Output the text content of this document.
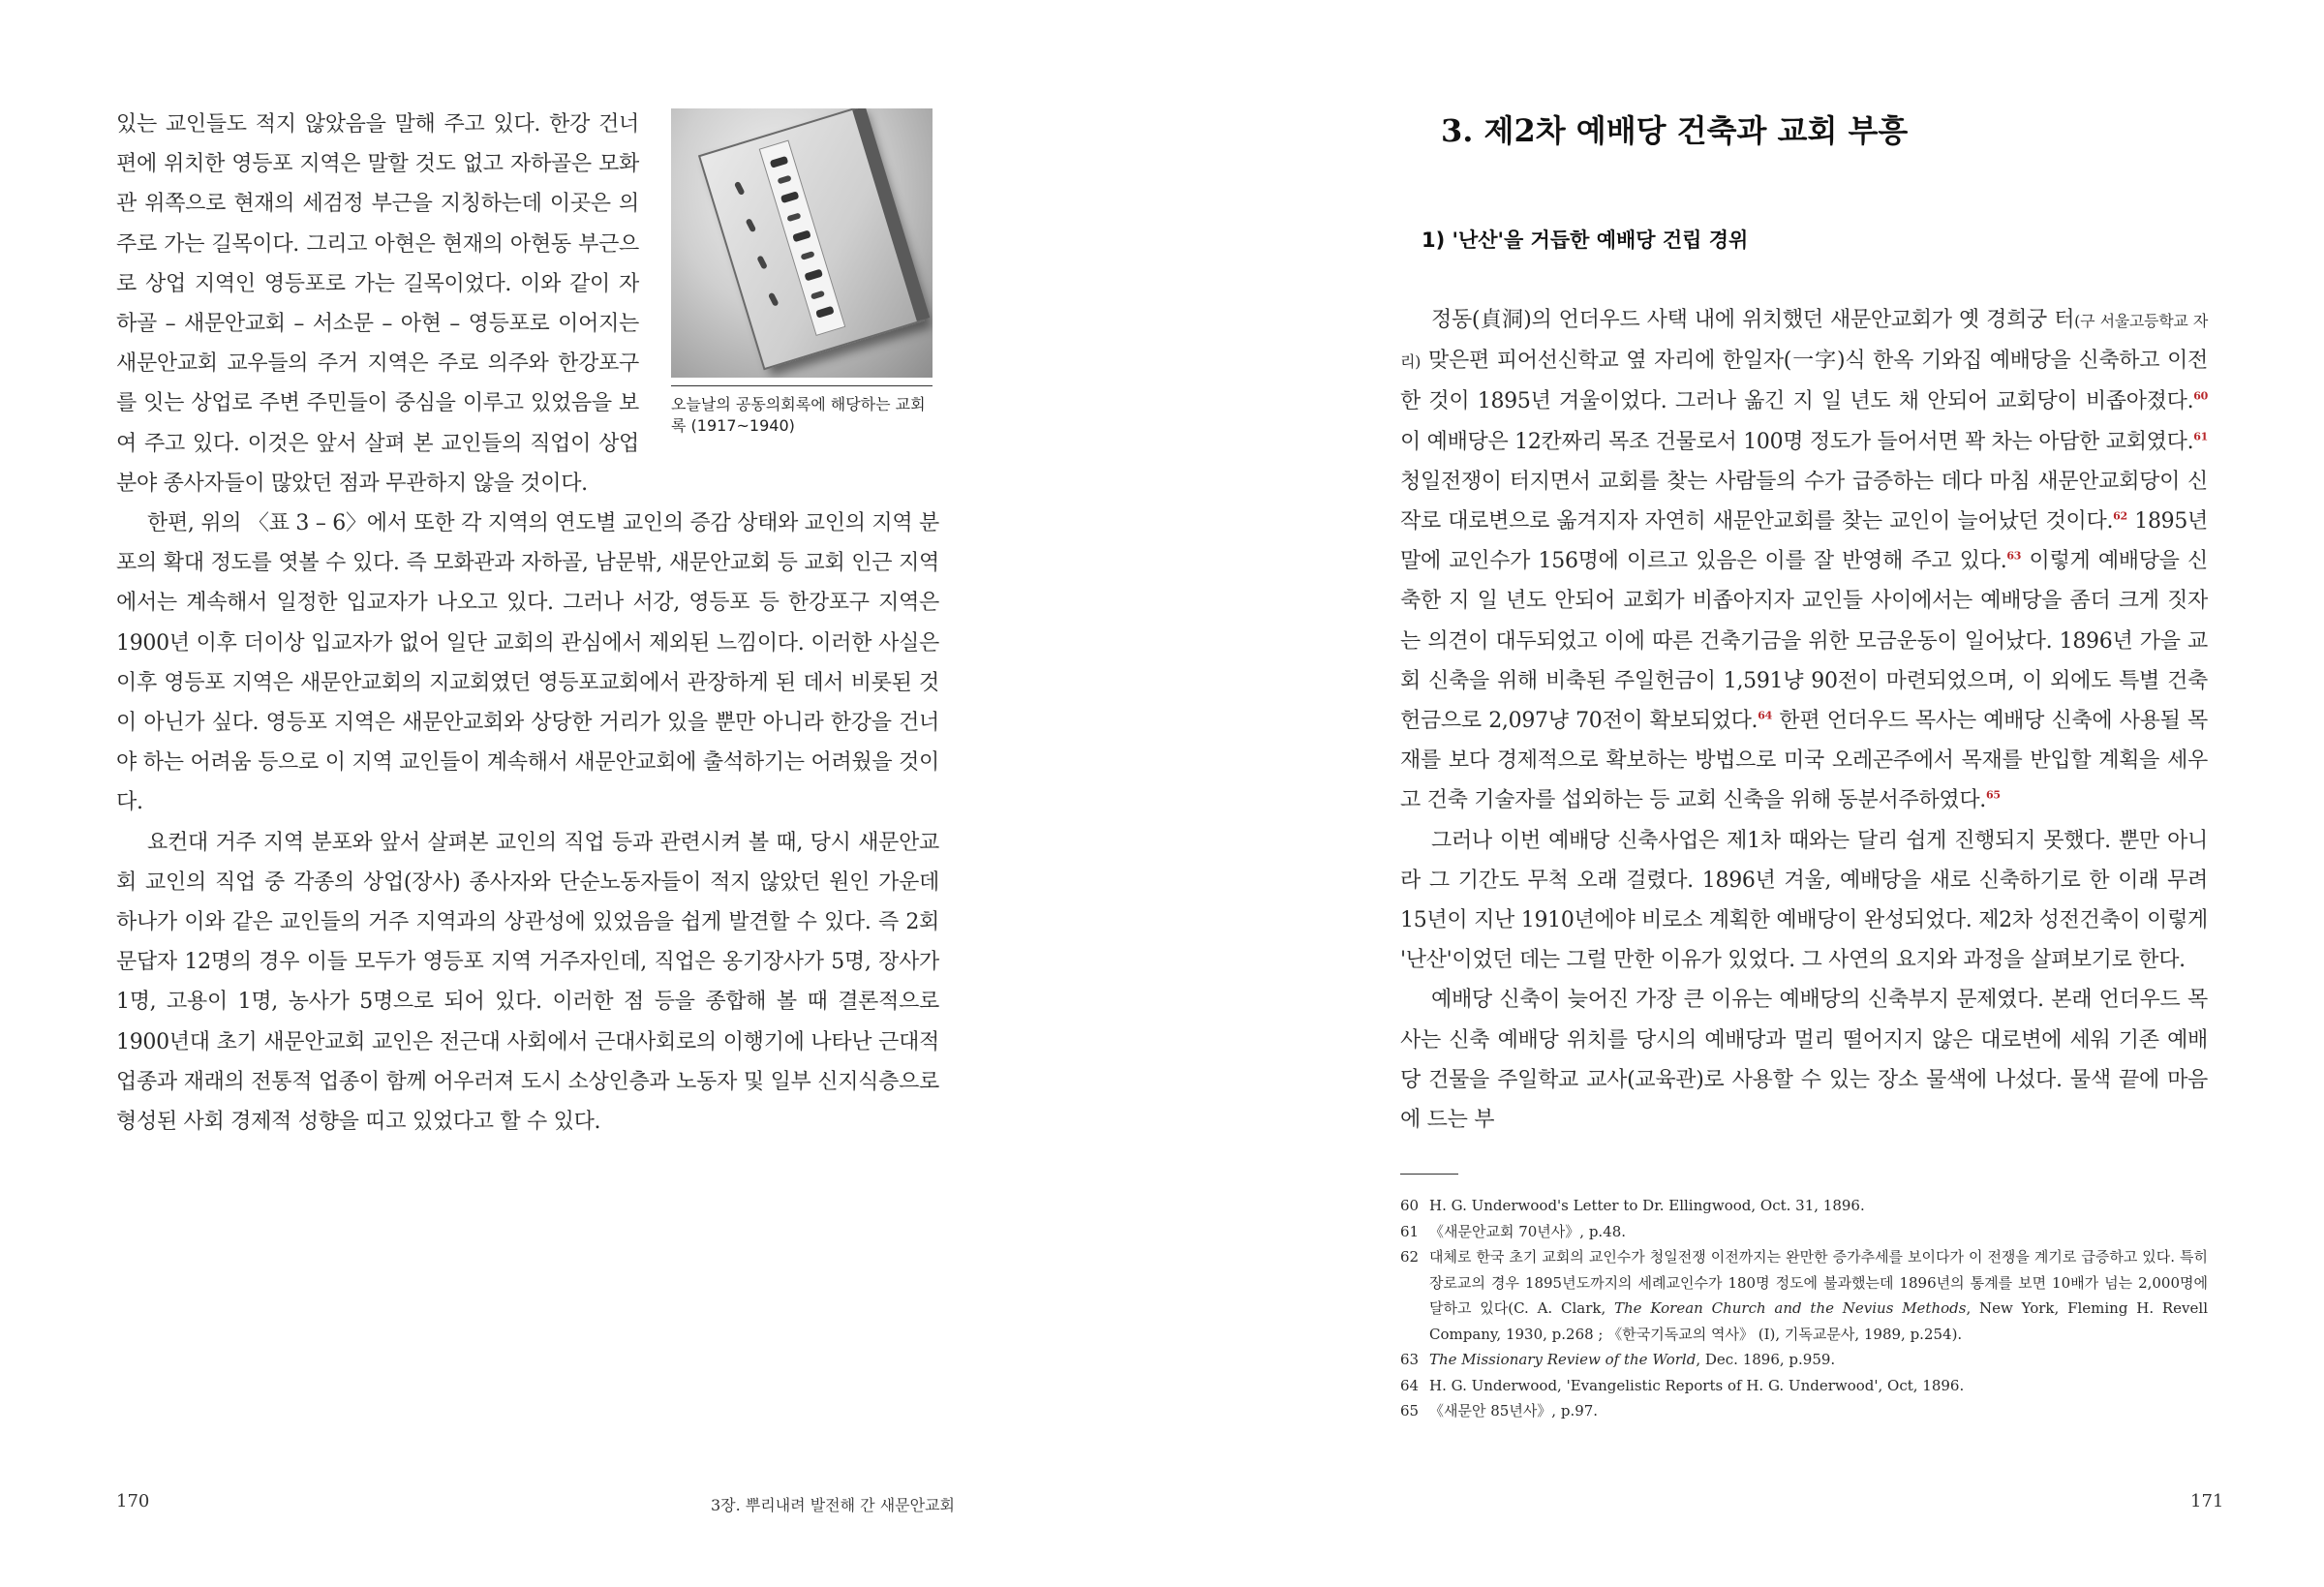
있는 교인들도 적지 않았음을 말해 주고 있다. 한강 건너편에 위치한 영등포 지역은 말할 것도 없고 자하골은 모화관 위쪽으로 현재의 세검정 부근을 지칭하는데 이곳은 의주로 가는 길목이다. 그리고 아현은 현재의 아현동 부근으로 상업 지역인 영등포로 가는 길목이었다. 이와 같이 자하골 – 새문안교회 – 서소문 – 아현 – 영등포로 이어지는 새문안교회 교우들의 주거 지역은 주로 의주와 한강포구를 잇는 상업로 주변 주민들이 중심을 이루고 있었음을 보여 주고 있다. 이것은 앞서 살펴 본 교인들의 직업이 상업분야 종사자들이 많았던 점과 무관하지 않을 것이다.

오늘날의 공동의회록에 해당하는 교회록 (1917~1940)

한편, 위의 〈표 3 – 6〉에서 또한 각 지역의 연도별 교인의 증감 상태와 교인의 지역 분포의 확대 정도를 엿볼 수 있다. 즉 모화관과 자하골, 남문밖, 새문안교회 등 교회 인근 지역에서는 계속해서 일정한 입교자가 나오고 있다. 그러나 서강, 영등포 등 한강포구 지역은 1900년 이후 더이상 입교자가 없어 일단 교회의 관심에서 제외된 느낌이다. 이러한 사실은 이후 영등포 지역은 새문안교회의 지교회였던 영등포교회에서 관장하게 된 데서 비롯된 것이 아닌가 싶다. 영등포 지역은 새문안교회와 상당한 거리가 있을 뿐만 아니라 한강을 건너야 하는 어려움 등으로 이 지역 교인들이 계속해서 새문안교회에 출석하기는 어려웠을 것이다.

요컨대 거주 지역 분포와 앞서 살펴본 교인의 직업 등과 관련시켜 볼 때, 당시 새문안교회 교인의 직업 중 각종의 상업(장사) 종사자와 단순노동자들이 적지 않았던 원인 가운데 하나가 이와 같은 교인들의 거주 지역과의 상관성에 있었음을 쉽게 발견할 수 있다. 즉 2회 문답자 12명의 경우 이들 모두가 영등포 지역 거주자인데, 직업은 옹기장사가 5명, 장사가 1명, 고용이 1명, 농사가 5명으로 되어 있다. 이러한 점 등을 종합해 볼 때 결론적으로 1900년대 초기 새문안교회 교인은 전근대 사회에서 근대사회로의 이행기에 나타난 근대적 업종과 재래의 전통적 업종이 함께 어우러져 도시 소상인층과 노동자 및 일부 신지식층으로 형성된 사회 경제적 성향을 띠고 있었다고 할 수 있다.

170	3장. 뿌리내려 발전해 간 새문안교회
3. 제2차 예배당 건축과 교회 부흥
1) '난산'을 거듭한 예배당 건립 경위

정동(貞洞)의 언더우드 사택 내에 위치했던 새문안교회가 옛 경희궁 터(구 서울고등학교 자리) 맞은편 피어선신학교 옆 자리에 한일자(一字)식 한옥 기와집 예배당을 신축하고 이전한 것이 1895년 겨울이었다. 그러나 옮긴 지 일 년도 채 안되어 교회당이 비좁아졌다.$^{60}$ 이 예배당은 12칸짜리 목조 건물로서 100명 정도가 들어서면 꽉 차는 아담한 교회였다.$^{61}$ 청일전쟁이 터지면서 교회를 찾는 사람들의 수가 급증하는 데다 마침 새문안교회당이 신작로 대로변으로 옮겨지자 자연히 새문안교회를 찾는 교인이 늘어났던 것이다.$^{62}$ 1895년 말에 교인수가 156명에 이르고 있음은 이를 잘 반영해 주고 있다.$^{63}$ 이렇게 예배당을 신축한 지 일 년도 안되어 교회가 비좁아지자 교인들 사이에서는 예배당을 좀더 크게 짓자는 의견이 대두되었고 이에 따른 건축기금을 위한 모금운동이 일어났다. 1896년 가을 교회 신축을 위해 비축된 주일헌금이 1,591냥 90전이 마련되었으며, 이 외에도 특별 건축헌금으로 2,097냥 70전이 확보되었다.$^{64}$ 한편 언더우드 목사는 예배당 신축에 사용될 목재를 보다 경제적으로 확보하는 방법으로 미국 오레곤주에서 목재를 반입할 계획을 세우고 건축 기술자를 섭외하는 등 교회 신축을 위해 동분서주하였다.$^{65}$

그러나 이번 예배당 신축사업은 제1차 때와는 달리 쉽게 진행되지 못했다. 뿐만 아니라 그 기간도 무척 오래 걸렸다. 1896년 겨울, 예배당을 새로 신축하기로 한 이래 무려 15년이 지난 1910년에야 비로소 계획한 예배당이 완성되었다. 제2차 성전건축이 이렇게 '난산'이었던 데는 그럴 만한 이유가 있었다. 그 사연의 요지와 과정을 살펴보기로 한다.

예배당 신축이 늦어진 가장 큰 이유는 예배당의 신축부지 문제였다. 본래 언더우드 목사는 신축 예배당 위치를 당시의 예배당과 멀리 떨어지지 않은 대로변에 세워 기존 예배당 건물을 주일학교 교사(교육관)로 사용할 수 있는 장소 물색에 나섰다. 물색 끝에 마음에 드는 부

60 H. G. Underwood's Letter to Dr. Ellingwood, Oct. 31, 1896.
61 《새문안교회 70년사》, p.48.
62 대체로 한국 초기 교회의 교인수가 청일전쟁 이전까지는 완만한 증가추세를 보이다가 이 전쟁을 계기로 급증하고 있다. 특히 장로교의 경우 1895년도까지의 세례교인수가 180명 정도에 불과했는데 1896년의 통계를 보면 10배가 넘는 2,000명에 달하고 있다(C. A. Clark, The Korean Church and the Nevius Methods, New York, Fleming H. Revell Company, 1930, p.268 ; 《한국기독교의 역사》 (I), 기독교문사, 1989, p.254).
63 The Missionary Review of the World, Dec. 1896, p.959.
64 H. G. Underwood, 'Evangelistic Reports of H. G. Underwood', Oct, 1896.
65 《새문안 85년사》, p.97.
171
